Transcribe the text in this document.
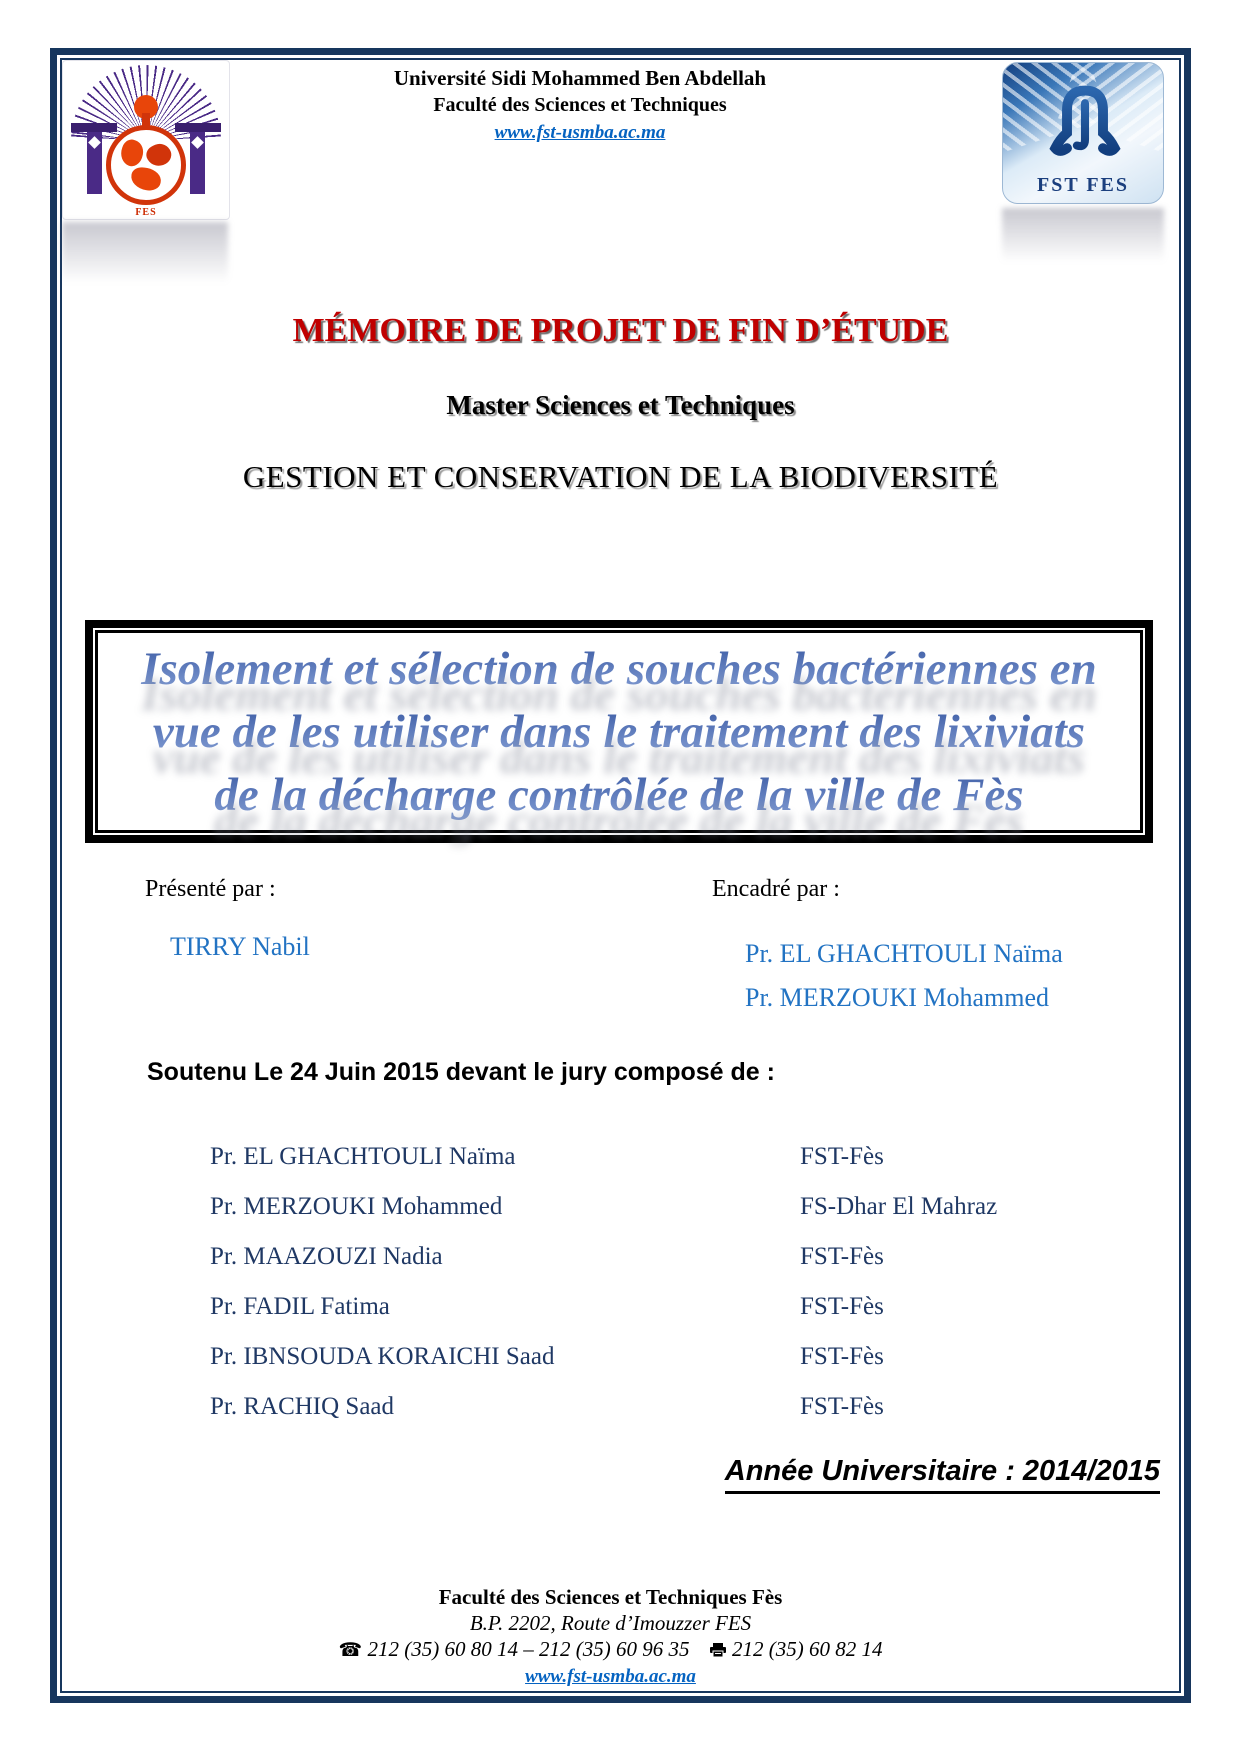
FES
FST FES
Université Sidi Mohammed Ben Abdellah
Faculté des Sciences et Techniques
www.fst-usmba.ac.ma
MÉMOIRE DE PROJET DE FIN D’ÉTUDE
Master Sciences et Techniques
GESTION ET CONSERVATION DE LA BIODIVERSITÉ
Isolement et sélection de souches bactériennes en
vue de les utiliser dans le traitement des lixiviats
de la décharge contrôlée de la ville de Fès
Présenté par :	Encadré par :
TIRRY Nabil	Pr. EL GHACHTOULI Naïma
Pr. MERZOUKI Mohammed
Soutenu Le 24 Juin 2015 devant le jury composé de :
Pr. EL GHACHTOULI Naïma	FST-Fès
Pr. MERZOUKI Mohammed	FS-Dhar El Mahraz
Pr. MAAZOUZI Nadia	FST-Fès
Pr. FADIL Fatima	FST-Fès
Pr. IBNSOUDA KORAICHI Saad	FST-Fès
Pr. RACHIQ Saad	FST-Fès
Année Universitaire : 2014/2015
Faculté des Sciences et Techniques Fès
B.P. 2202, Route d’Imouzzer FES
☎ 212 (35) 60 80 14 – 212 (35) 60 96 35 212 (35) 60 82 14
www.fst-usmba.ac.ma
